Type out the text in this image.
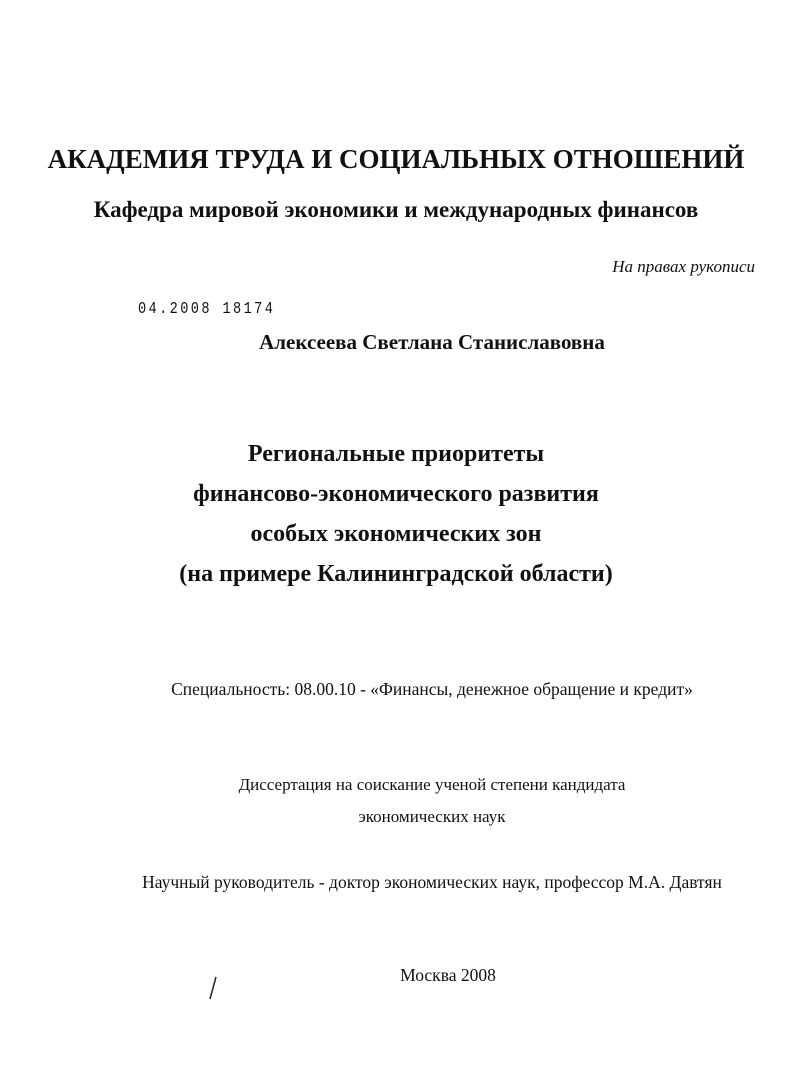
АКАДЕМИЯ ТРУДА И СОЦИАЛЬНЫХ ОТНОШЕНИЙ
Кафедра мировой экономики и международных финансов
На правах рукописи
04.2008 18174
Алексеева Светлана Станиславовна
Региональные приоритеты
финансово-экономического развития
особых экономических зон
(на примере Калининградской области)
Специальность: 08.00.10 - «Финансы, денежное обращение и кредит»
Диссертация на соискание ученой степени кандидата
экономических наук
Научный руководитель - доктор экономических наук, профессор М.А. Давтян
Москва 2008
